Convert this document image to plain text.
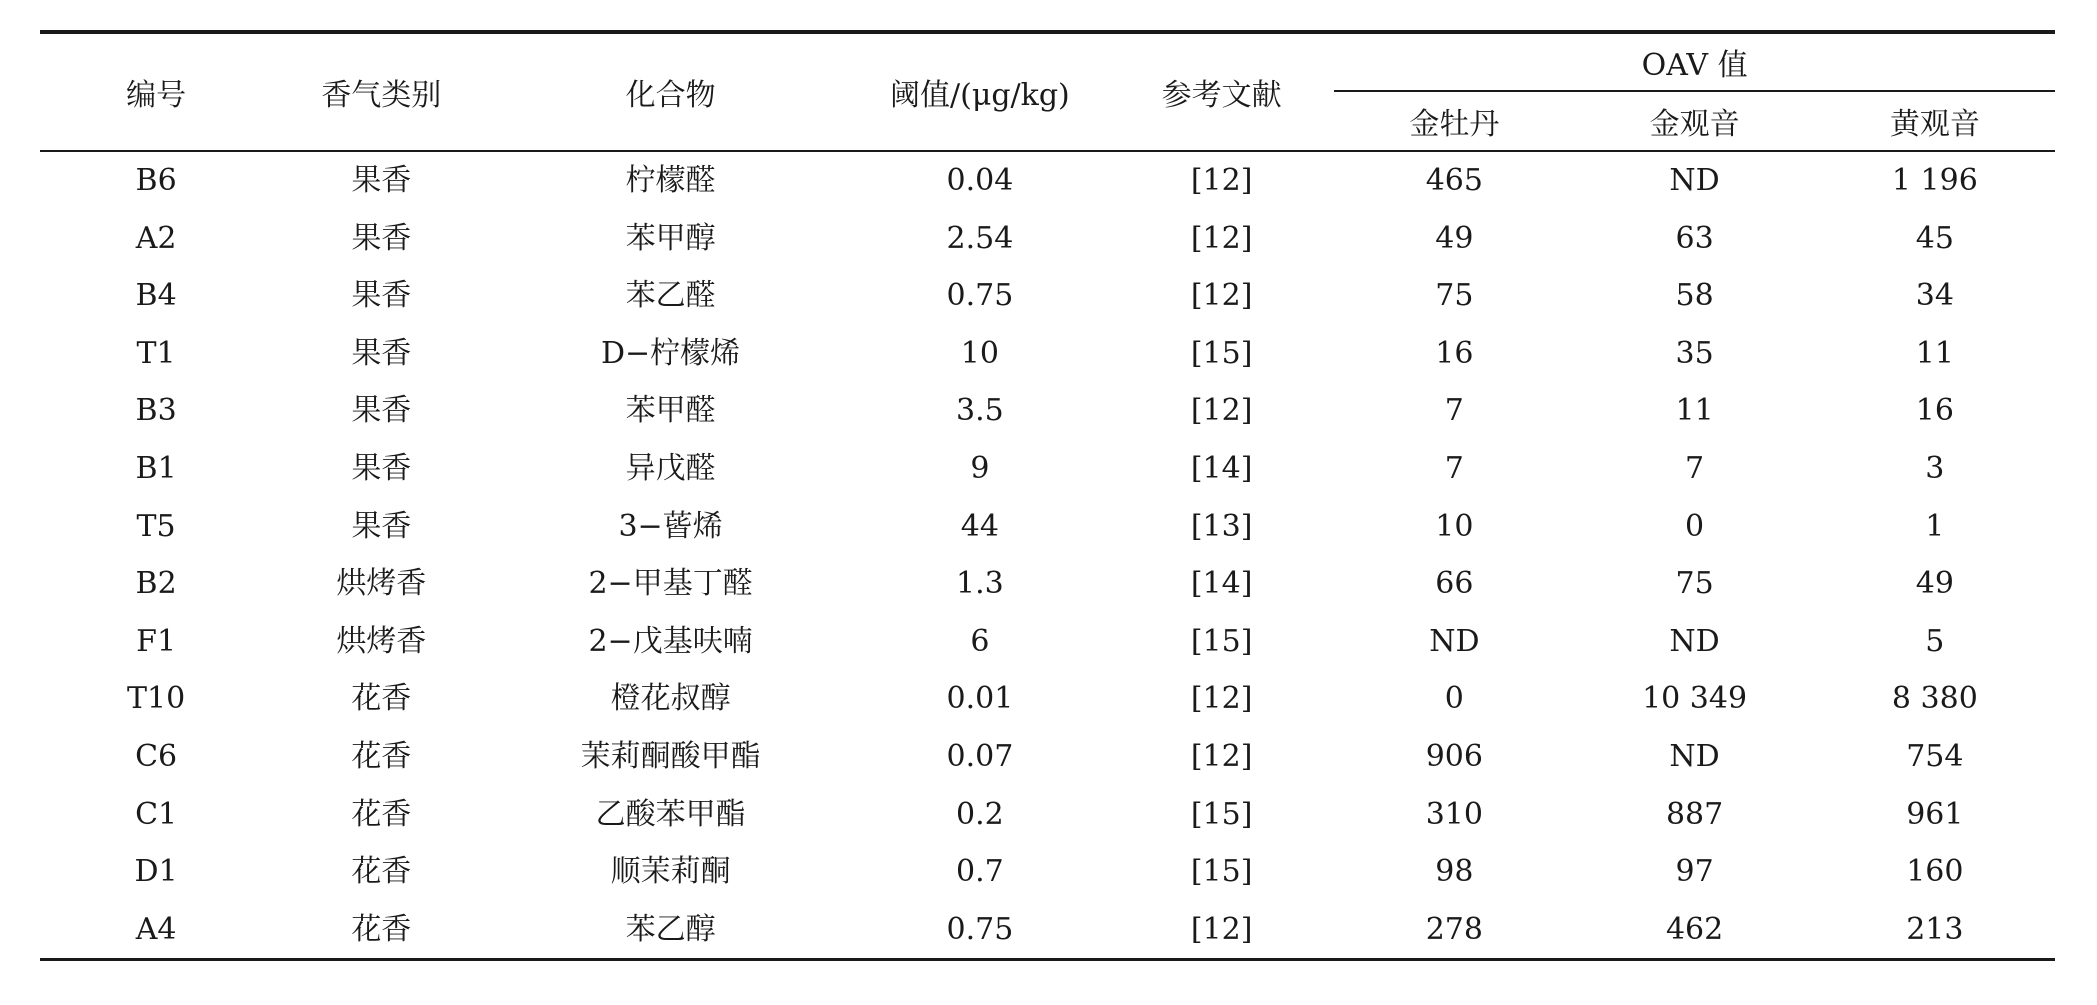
编号	香气类别	化合物	阈值/(μg/kg)	参考文献	OAV 值		
					金牡丹	金观音	黄观音
B6	果香	柠檬醛	0.04	[12]	465	ND	1 196
A2	果香	苯甲醇	2.54	[12]	49	63	45
B4	果香	苯乙醛	0.75	[12]	75	58	34
T1	果香	D−柠檬烯	10	[15]	16	35	11
B3	果香	苯甲醛	3.5	[12]	7	11	16
B1	果香	异戊醛	9	[14]	7	7	3
T5	果香	3−蒈烯	44	[13]	10	0	1
B2	烘烤香	2−甲基丁醛	1.3	[14]	66	75	49
F1	烘烤香	2−戊基呋喃	6	[15]	ND	ND	5
T10	花香	橙花叔醇	0.01	[12]	0	10 349	8 380
C6	花香	茉莉酮酸甲酯	0.07	[12]	906	ND	754
C1	花香	乙酸苯甲酯	0.2	[15]	310	887	961
D1	花香	顺茉莉酮	0.7	[15]	98	97	160
A4	花香	苯乙醇	0.75	[12]	278	462	213
